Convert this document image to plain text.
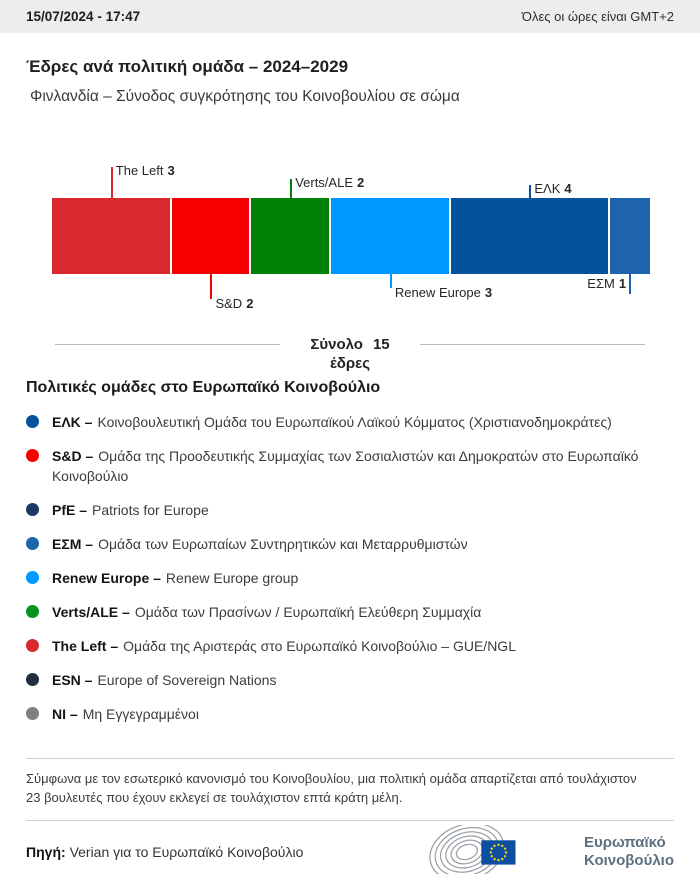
15/07/2024 - 17:47	Όλες οι ώρες είναι GMT+2
Έδρες ανά πολιτική ομάδα – 2024–2029
Φινλανδία – Σύνοδος συγκρότησης του Κοινοβουλίου σε σώμα
The Left 3
S&D 2
Verts/ALE 2
Renew Europe 3
ΕΛΚ 4
ΕΣΜ 1
Σύνολο 15
έδρες
Πολιτικές ομάδες στο Ευρωπαϊκό Κοινοβούλιο
ΕΛΚ – Κοινοβουλευτική Ομάδα του Ευρωπαϊκού Λαϊκού Κόμματος (Χριστιανοδημοκράτες)
S&D – Ομάδα της Προοδευτικής Συμμαχίας των Σοσιαλιστών και Δημοκρατών στο Ευρωπαϊκό Κοινοβούλιο
PfE – Patriots for Europe
ΕΣΜ – Ομάδα των Ευρωπαίων Συντηρητικών και Μεταρρυθμιστών
Renew Europe – Renew Europe group
Verts/ALE – Ομάδα των Πρασίνων / Ευρωπαϊκή Ελεύθερη Συμμαχία
The Left – Ομάδα της Αριστεράς στο Ευρωπαϊκό Κοινοβούλιο – GUE/NGL
ESN – Europe of Sovereign Nations
NI – Μη Εγγεγραμμένοι
Σύμφωνα με τον εσωτερικό κανονισμό του Κοινοβουλίου, μια πολιτική ομάδα απαρτίζεται από τουλάχιστον 23 βουλευτές που έχουν εκλεγεί σε τουλάχιστον επτά κράτη μέλη.
Πηγή: Verian για το Ευρωπαϊκό Κοινοβούλιο
Ευρωπαϊκό
Κοινοβούλιο
